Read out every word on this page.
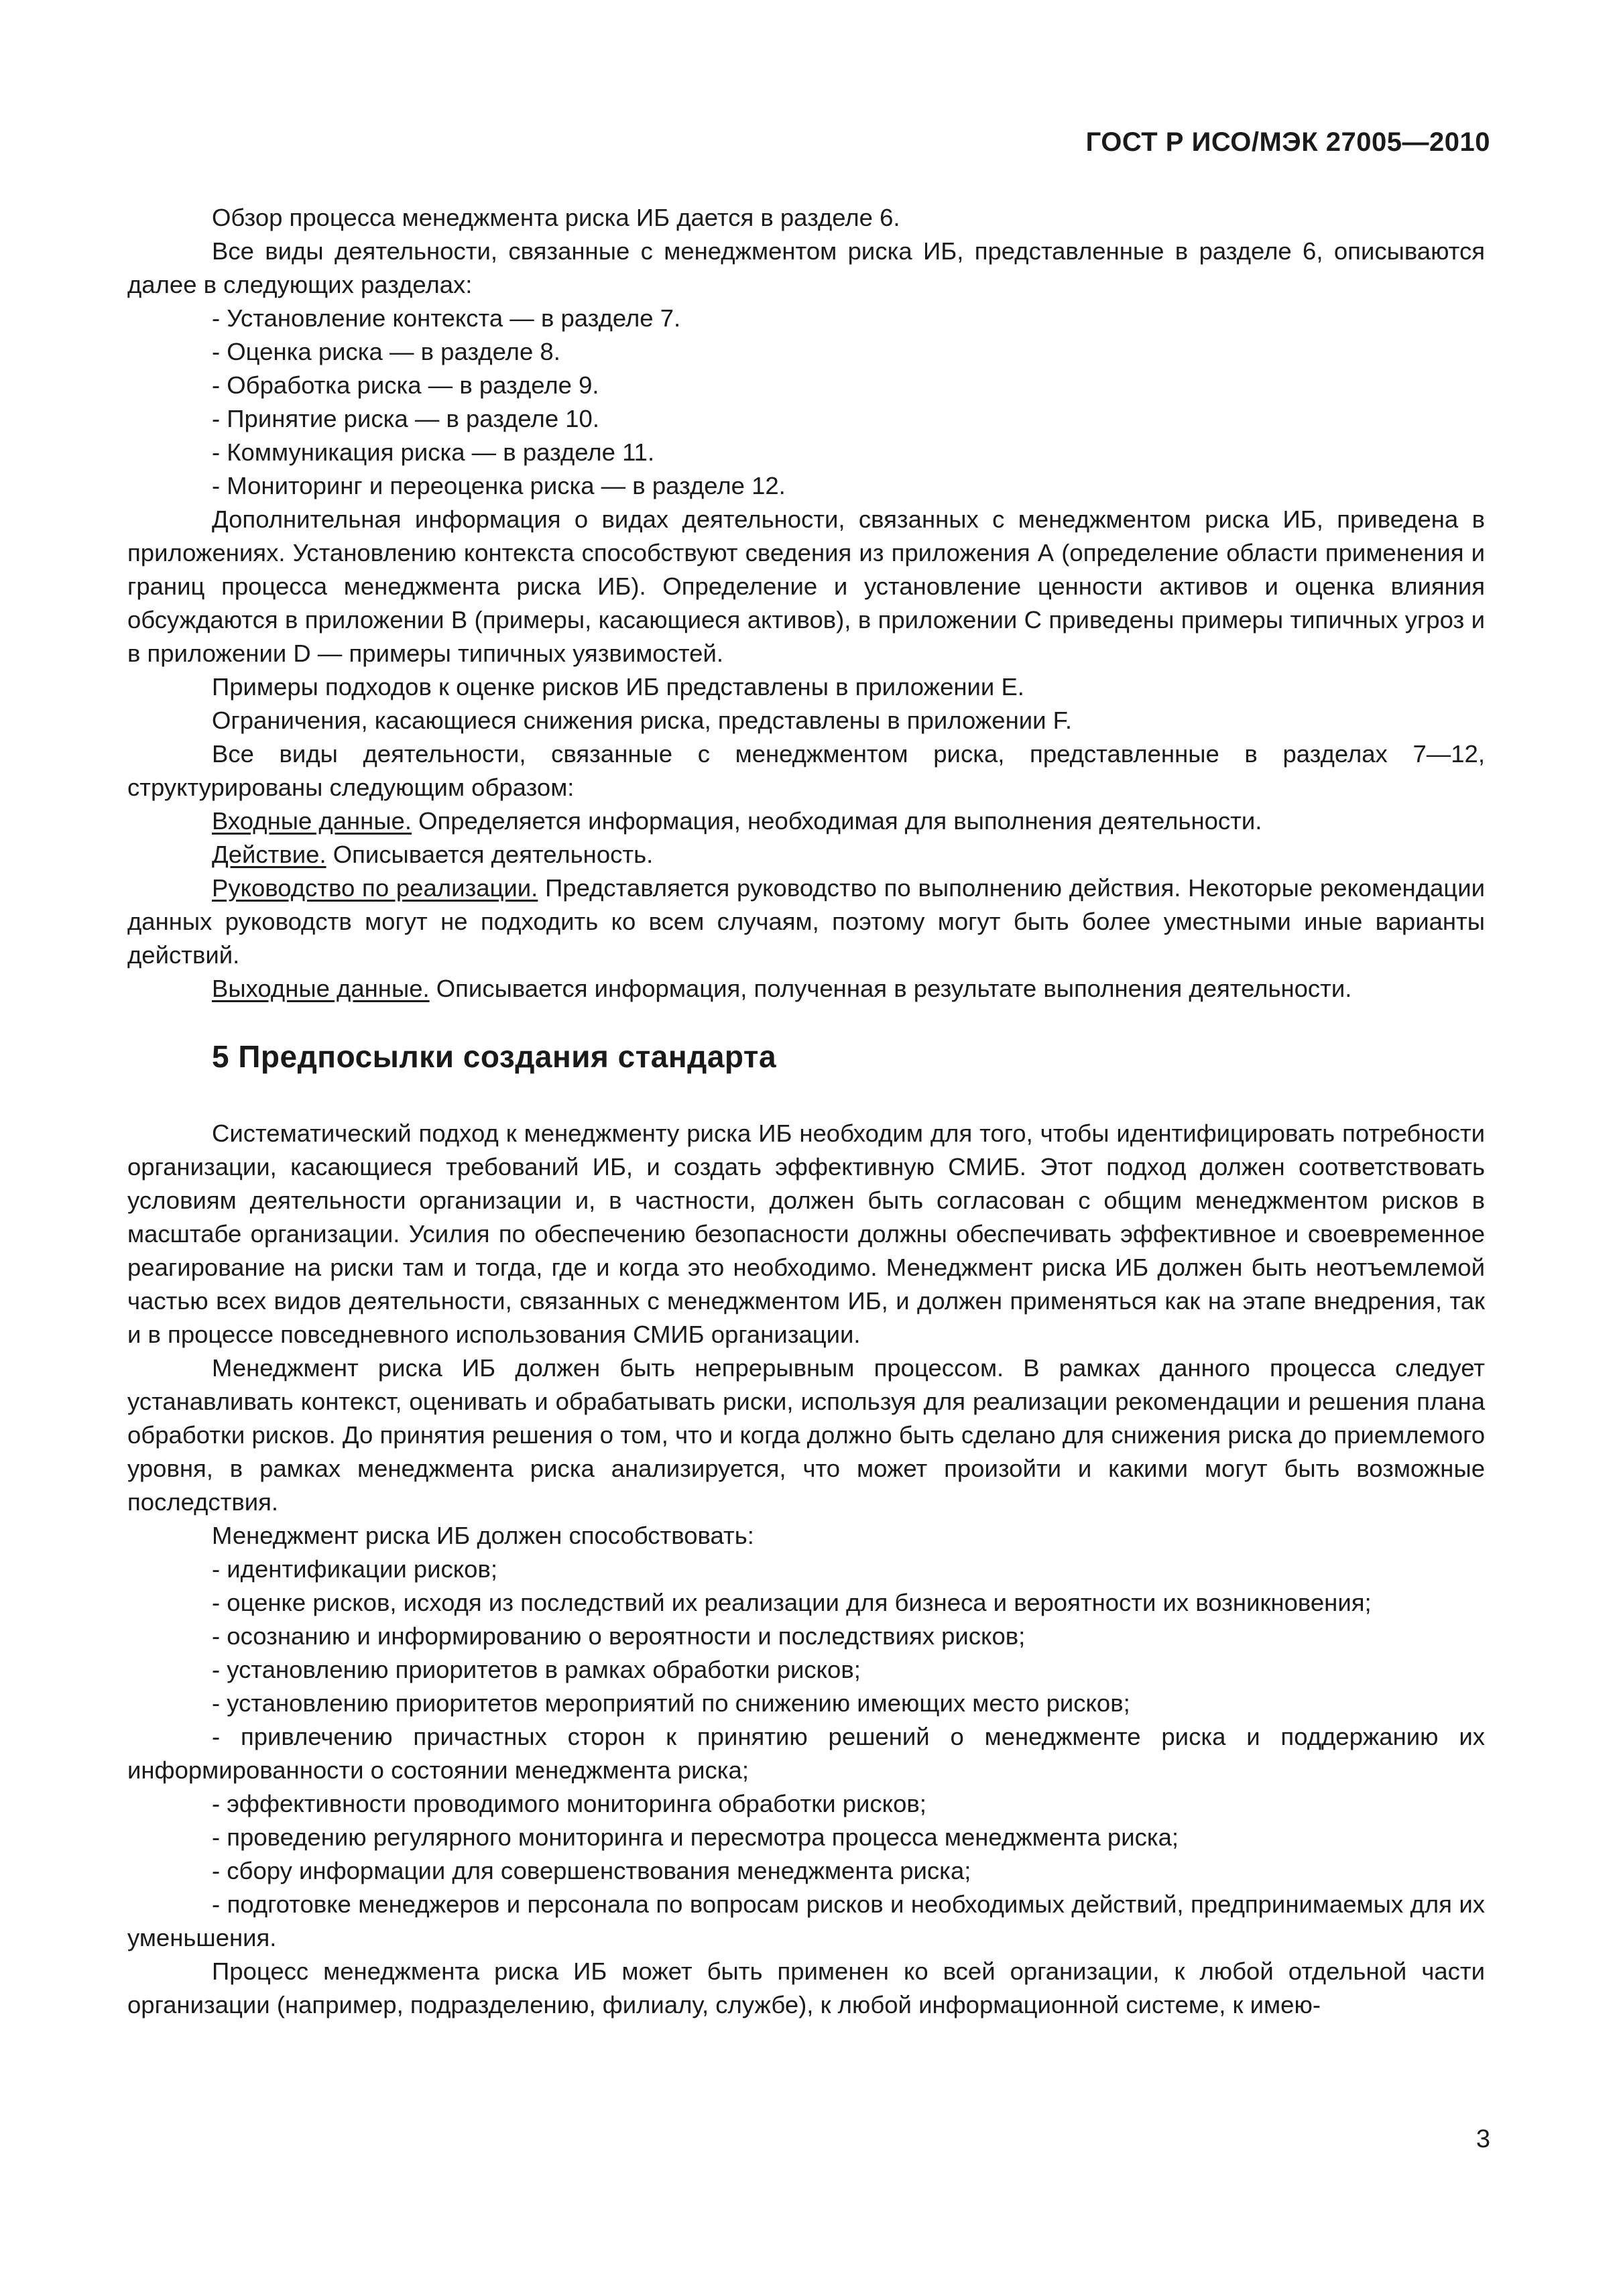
ГОСТ Р ИСО/МЭК 27005—2010

Обзор процесса менеджмента риска ИБ дается в разделе 6.

Все виды деятельности, связанные с менеджментом риска ИБ, представленные в разделе 6, описываются далее в следующих разделах:

- Установление контекста — в разделе 7.

- Оценка риска — в разделе 8.

- Обработка риска — в разделе 9.

- Принятие риска — в разделе 10.

- Коммуникация риска — в разделе 11.

- Мониторинг и переоценка риска — в разделе 12.

Дополнительная информация о видах деятельности, связанных с менеджментом риска ИБ, приведена в приложениях. Установлению контекста способствуют сведения из приложения А (определение области применения и границ процесса менеджмента риска ИБ). Определение и установление ценности активов и оценка влияния обсуждаются в приложении В (примеры, касающиеся активов), в приложении С приведены примеры типичных угроз и в приложении D — примеры типичных уязвимостей.

Примеры подходов к оценке рисков ИБ представлены в приложении Е.

Ограничения, касающиеся снижения риска, представлены в приложении F.

Все виды деятельности, связанные с менеджментом риска, представленные в разделах 7—12, структурированы следующим образом:

Входные данные. Определяется информация, необходимая для выполнения деятельности.

Действие. Описывается деятельность.

Руководство по реализации. Представляется руководство по выполнению действия. Некоторые рекомендации данных руководств могут не подходить ко всем случаям, поэтому могут быть более уместными иные варианты действий.

Выходные данные. Описывается информация, полученная в результате выполнения деятельности.

5 Предпосылки создания стандарта

Систематический подход к менеджменту риска ИБ необходим для того, чтобы идентифицировать потребности организации, касающиеся требований ИБ, и создать эффективную СМИБ. Этот подход должен соответствовать условиям деятельности организации и, в частности, должен быть согласован с общим менеджментом рисков в масштабе организации. Усилия по обеспечению безопасности должны обеспечивать эффективное и своевременное реагирование на риски там и тогда, где и когда это необходимо. Менеджмент риска ИБ должен быть неотъемлемой частью всех видов деятельности, связанных с менеджментом ИБ, и должен применяться как на этапе внедрения, так и в процессе повседневного использования СМИБ организации.

Менеджмент риска ИБ должен быть непрерывным процессом. В рамках данного процесса следует устанавливать контекст, оценивать и обрабатывать риски, используя для реализации рекомендации и решения плана обработки рисков. До принятия решения о том, что и когда должно быть сделано для снижения риска до приемлемого уровня, в рамках менеджмента риска анализируется, что может произойти и какими могут быть возможные последствия.

Менеджмент риска ИБ должен способствовать:

- идентификации рисков;

- оценке рисков, исходя из последствий их реализации для бизнеса и вероятности их возникновения;

- осознанию и информированию о вероятности и последствиях рисков;

- установлению приоритетов в рамках обработки рисков;

- установлению приоритетов мероприятий по снижению имеющих место рисков;

- привлечению причастных сторон к принятию решений о менеджменте риска и поддержанию их информированности о состоянии менеджмента риска;

- эффективности проводимого мониторинга обработки рисков;

- проведению регулярного мониторинга и пересмотра процесса менеджмента риска;

- сбору информации для совершенствования менеджмента риска;

- подготовке менеджеров и персонала по вопросам рисков и необходимых действий, предпринимаемых для их уменьшения.

Процесс менеджмента риска ИБ может быть применен ко всей организации, к любой отдельной части организации (например, подразделению, филиалу, службе), к любой информационной системе, к имею-

3
